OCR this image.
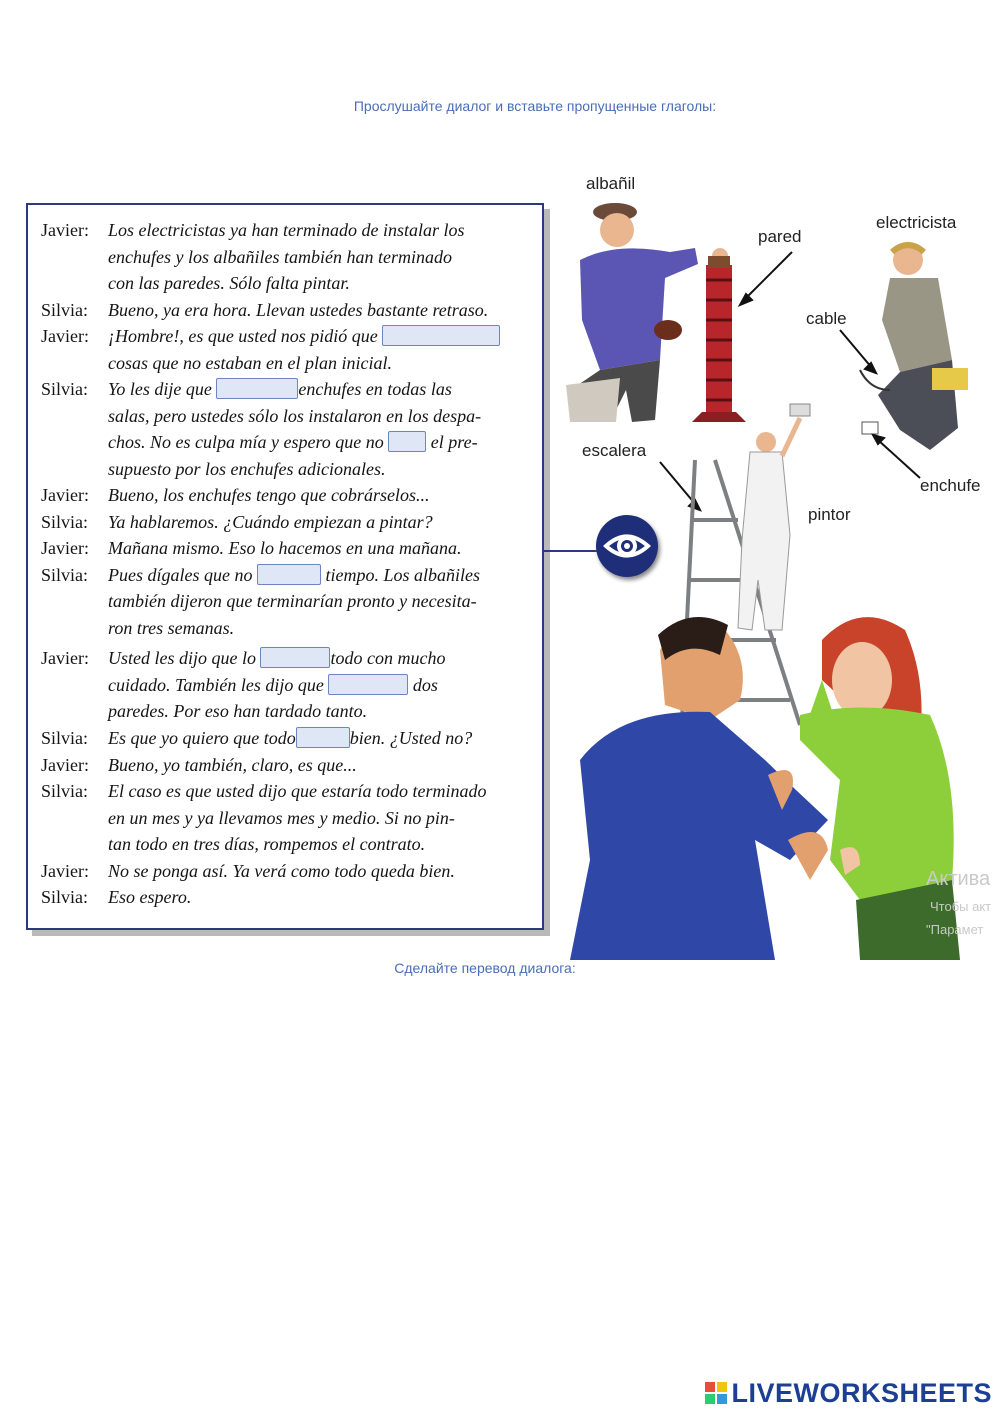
Прослушайте диалог и вставьте пропущенные глаголы:
Javier: Los electricistas ya han terminado de instalar los
enchufes y los albañiles también han terminado
con las paredes. Sólo falta pintar.
Silvia: Bueno, ya era hora. Llevan ustedes bastante retraso.
Javier: ¡Hombre!, es que usted nos pidió que
cosas que no estaban en el plan inicial.
Silvia: Yo les dije que	enchufes en todas las
salas, pero ustedes sólo los instalaron en los despa-
chos. No es culpa mía y espero que no	el pre-
supuesto por los enchufes adicionales.
Javier: Bueno, los enchufes tengo que cobrárselos...
Silvia: Ya hablaremos. ¿Cuándo empiezan a pintar?
Javier: Mañana mismo. Eso lo hacemos en una mañana.
Silvia: Pues dígales que no	tiempo. Los albañiles
también dijeron que terminarían pronto y necesita-
ron tres semanas.
Javier: Usted les dijo que lo	todo con mucho
cuidado. También les dijo que	dos
paredes. Por eso han tardado tanto.
Silvia: Es que yo quiero que todo	bien. ¿Usted no?
Javier: Bueno, yo también, claro, es que...
Silvia: El caso es que usted dijo que estaría todo terminado
en un mes y ya llevamos mes y medio. Si no pin-
tan todo en tres días, rompemos el contrato.
Javier: No se ponga así. Ya verá como todo queda bien.
Silvia: Eso espero.
albañil
pared
electricista
cable
escalera
enchufe
pintor
Актива
Чтобы акт
"Парамет
Сделайте перевод диалога:
LIVEWORKSHEETS
